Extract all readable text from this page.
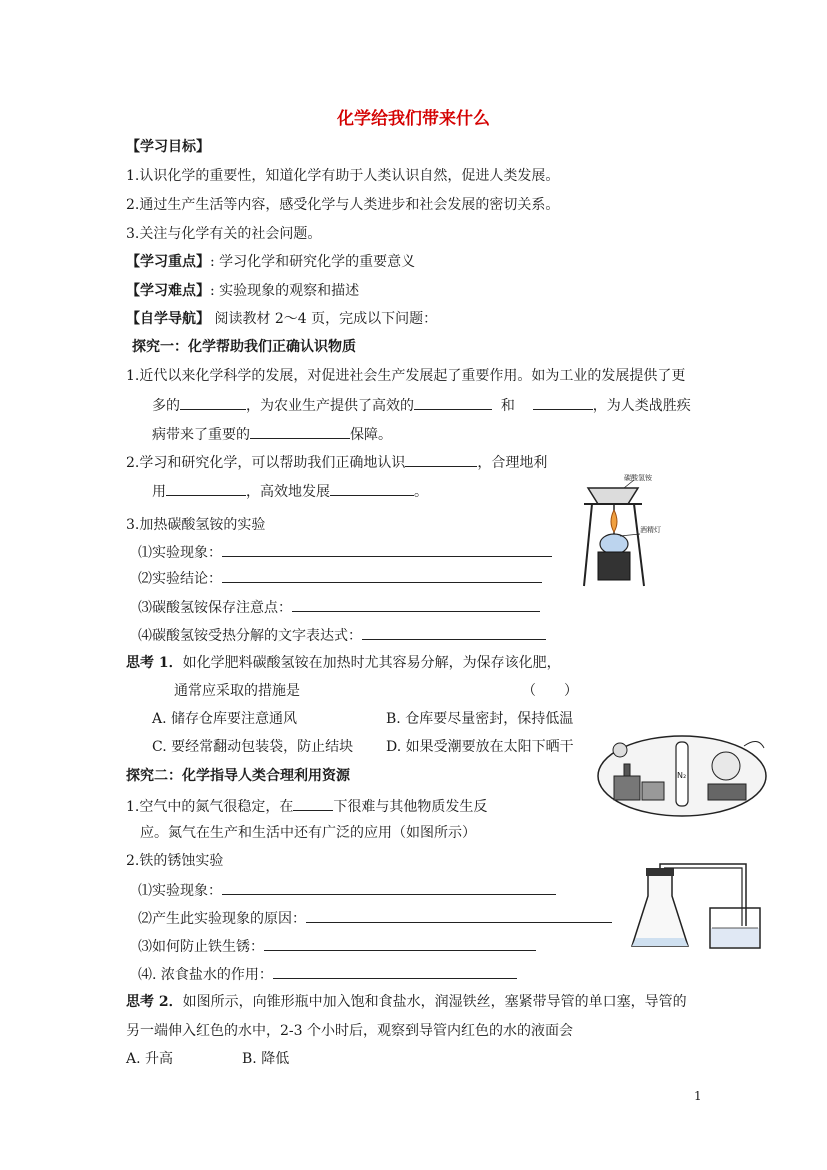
化学给我们带来什么
【学习目标】
1.认识化学的重要性，知道化学有助于人类认识自然，促进人类发展。
2.通过生产生活等内容，感受化学与人类进步和社会发展的密切关系。
3.关注与化学有关的社会问题。
【学习重点】: 学习化学和研究化学的重要意义
【学习难点】: 实验现象的观察和描述
【自学导航】 阅读教材 2～4 页，完成以下问题：
探究一：化学帮助我们正确认识物质
1.近代以来化学科学的发展，对促进社会生产发展起了重要作用。如为工业的发展提供了更
多的	，为农业生产提供了高效的	和	，为人类战胜疾
病带来了重要的	保障。
2.学习和研究化学，可以帮助我们正确地认识	，合理地利
用	，高效地发展	。
3.加热碳酸氢铵的实验
⑴实验现象：
⑵实验结论：
⑶碳酸氢铵保存注意点：
⑷碳酸氢铵受热分解的文字表达式：
碳酸氢铵
酒精灯
思考 1．如化学肥料碳酸氢铵在加热时尤其容易分解，为保存该化肥，
通常应采取的措施是	（　　）
A. 储存仓库要注意通风	B. 仓库要尽量密封，保持低温
C. 要经常翻动包装袋，防止结块 D. 如果受潮要放在太阳下晒干
N₂
探究二：化学指导人类合理利用资源
1.空气中的氮气很稳定，在	下很难与其他物质发生反
应。氮气在生产和生活中还有广泛的应用（如图所示）
2.铁的锈蚀实验
⑴实验现象：
⑵产生此实验现象的原因：
⑶如何防止铁生锈：
⑷. 浓食盐水的作用：
思考 2．如图所示，向锥形瓶中加入饱和食盐水，润湿铁丝，塞紧带导管的单口塞，导管的
另一端伸入红色的水中，2-3 个小时后，观察到导管内红色的水的液面会
A. 升高	B. 降低
1
